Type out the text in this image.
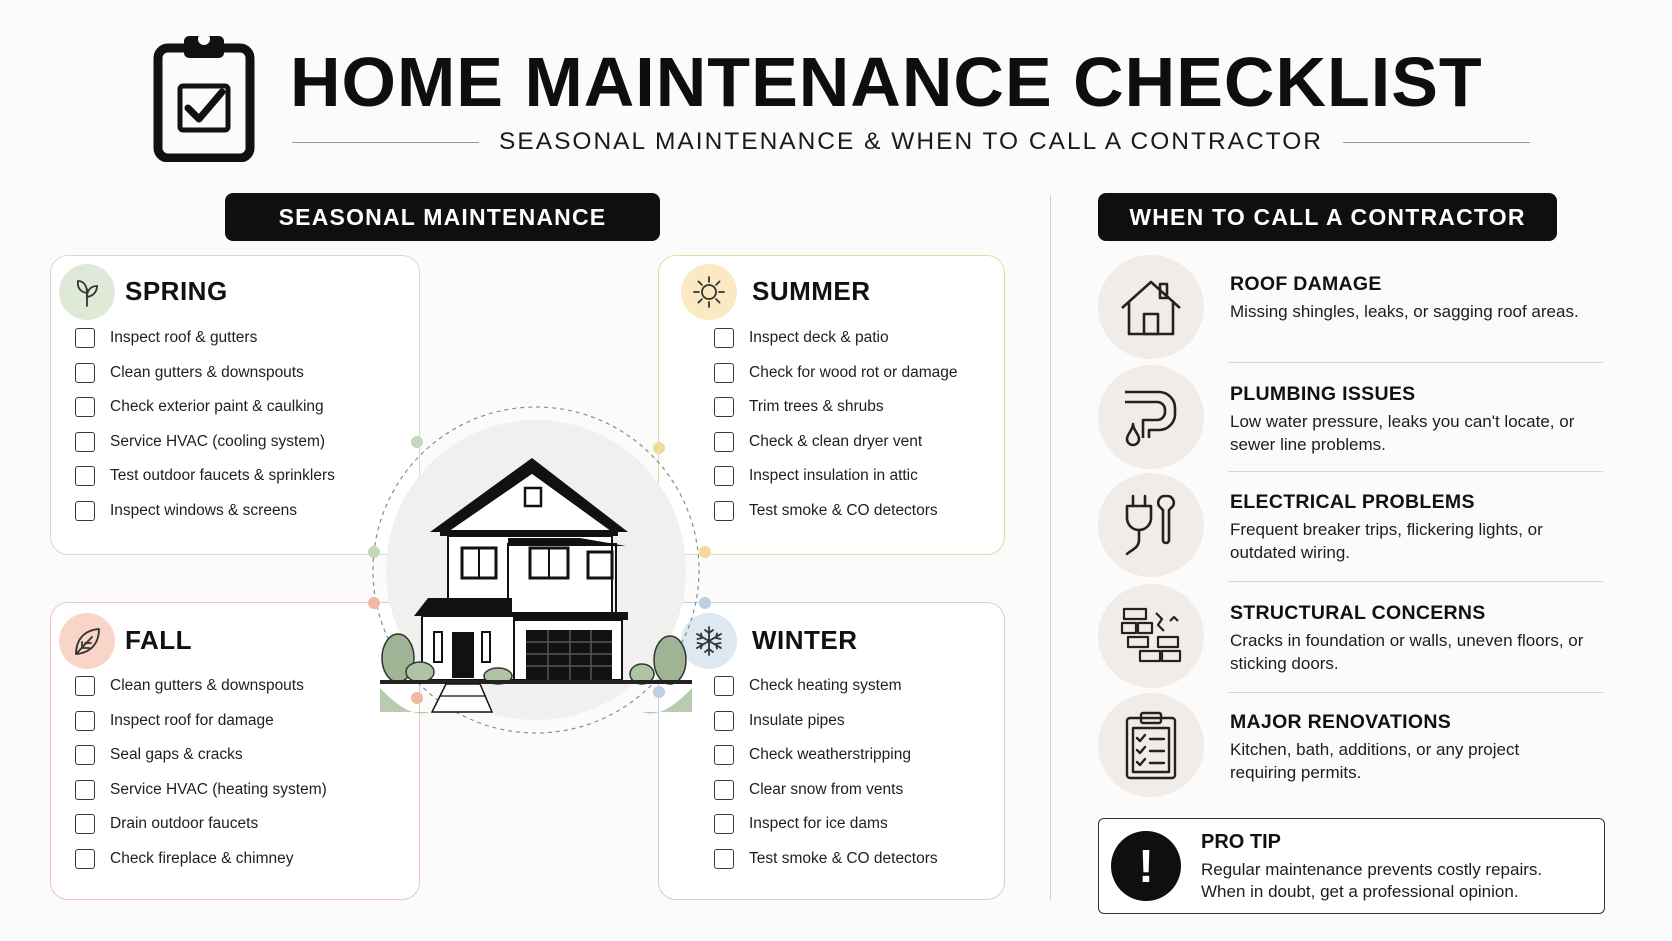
HOME MAINTENANCE CHECKLIST
SEASONAL MAINTENANCE & WHEN TO CALL A CONTRACTOR
SEASONAL MAINTENANCE	WHEN TO CALL A CONTRACTOR
SPRING
Inspect roof & gutters
Clean gutters & downspouts
Check exterior paint & caulking
Service HVAC (cooling system)
Test outdoor faucets & sprinklers
Inspect windows & screens
SUMMER
Inspect deck & patio
Check for wood rot or damage
Trim trees & shrubs
Check & clean dryer vent
Inspect insulation in attic
Test smoke & CO detectors
FALL
Clean gutters & downspouts
Inspect roof for damage
Seal gaps & cracks
Service HVAC (heating system)
Drain outdoor faucets
Check fireplace & chimney
WINTER
Check heating system
Insulate pipes
Check weatherstripping
Clear snow from vents
Inspect for ice dams
Test smoke & CO detectors
ROOF DAMAGE
Missing shingles, leaks, or sagging roof areas.
PLUMBING ISSUES
Low water pressure, leaks you can't locate, or sewer line problems.
ELECTRICAL PROBLEMS
Frequent breaker trips, flickering lights, or outdated wiring.
STRUCTURAL CONCERNS
Cracks in foundation or walls, uneven floors, or sticking doors.
MAJOR RENOVATIONS
Kitchen, bath, additions, or any project requiring permits.
!	PRO TIP
Regular maintenance prevents costly repairs. When in doubt, get a professional opinion.
